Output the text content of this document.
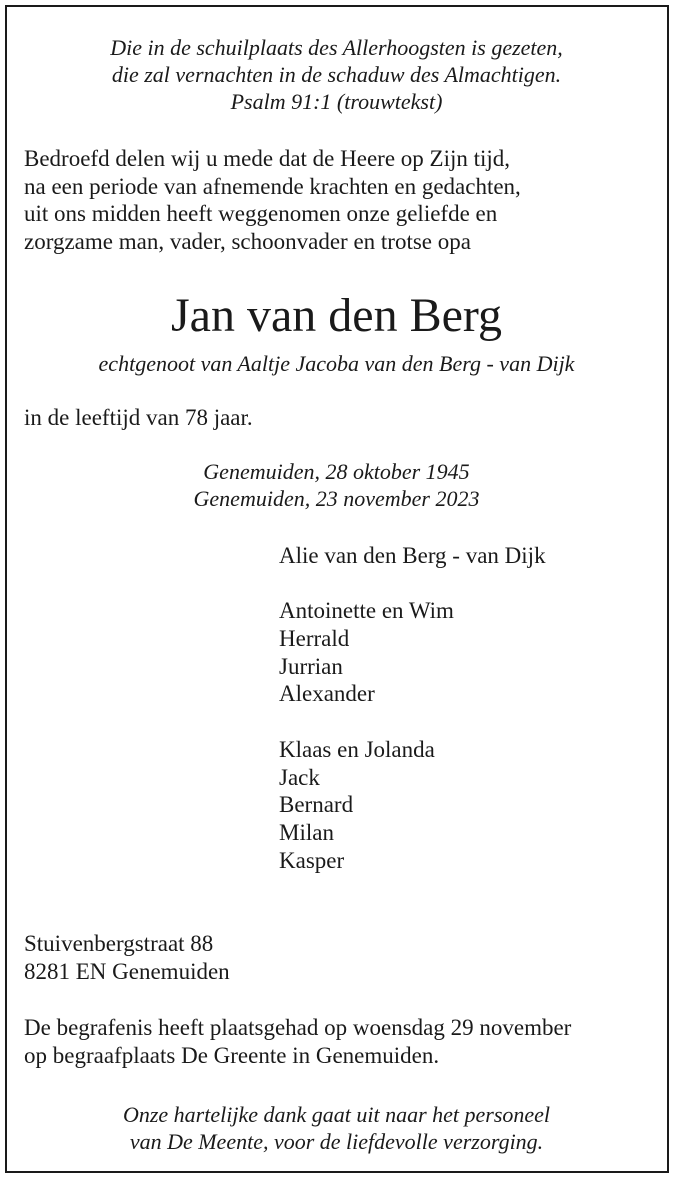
Die in de schuilplaats des Allerhoogsten is gezeten,
die zal vernachten in de schaduw des Almachtigen.
Psalm 91:1 (trouwtekst)
Bedroefd delen wij u mede dat de Heere op Zijn tijd,
na een periode van afnemende krachten en gedachten,
uit ons midden heeft weggenomen onze geliefde en
zorgzame man, vader, schoonvader en trotse opa
Jan van den Berg
echtgenoot van Aaltje Jacoba van den Berg - van Dijk
in de leeftijd van 78 jaar.
Genemuiden, 28 oktober 1945
Genemuiden, 23 november 2023
Alie van den Berg - van Dijk
Antoinette en Wim
Herrald
Jurrian
Alexander
Klaas en Jolanda
Jack
Bernard
Milan
Kasper
Stuivenbergstraat 88
8281 EN Genemuiden
De begrafenis heeft plaatsgehad op woensdag 29 november
op begraafplaats De Greente in Genemuiden.
Onze hartelijke dank gaat uit naar het personeel
van De Meente, voor de liefdevolle verzorging.
